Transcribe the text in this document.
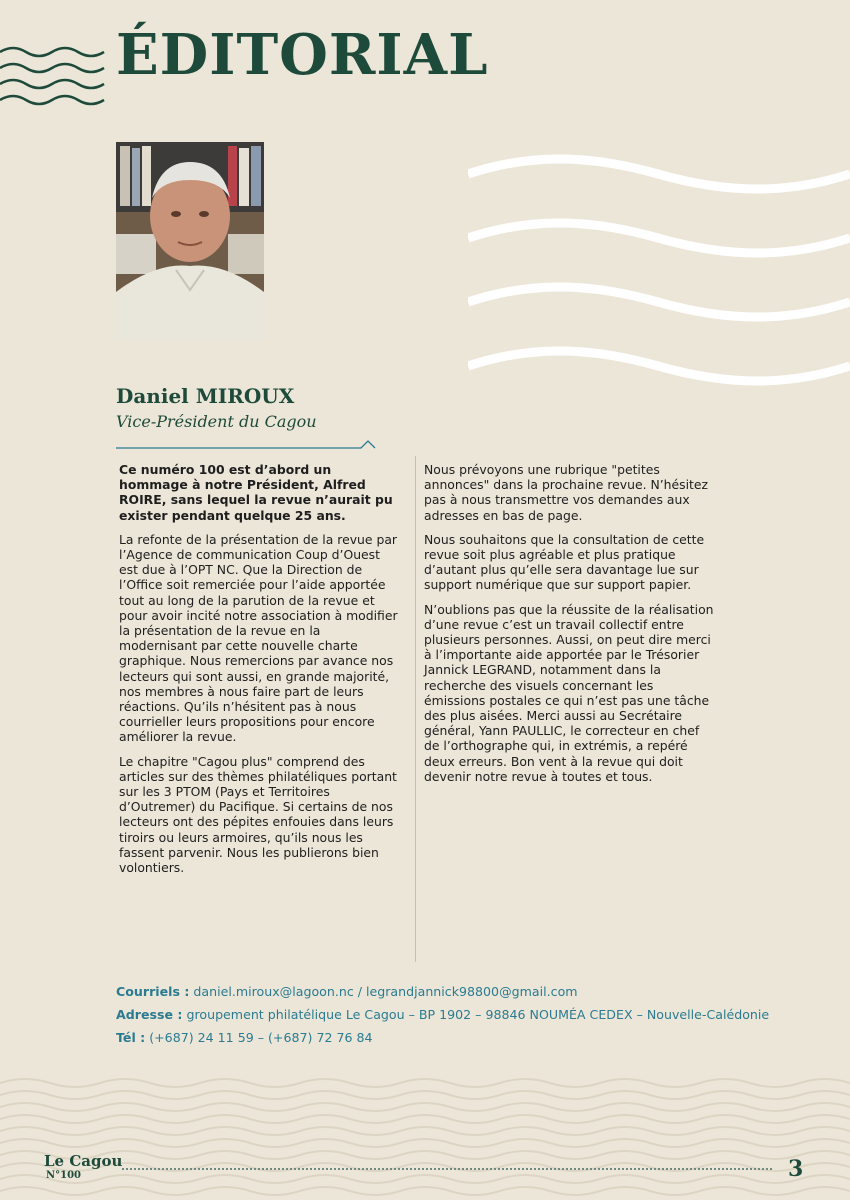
ÉDITORIAL
Daniel MIROUX
Vice-Président du Cagou

Ce numéro 100 est d’abord un hommage à notre Président, Alfred ROIRE, sans lequel la revue n’aurait pu exister pendant quelque 25 ans.

La refonte de la présentation de la revue par l’Agence de communication Coup d’Ouest est due à l’OPT NC. Que la Direction de l’Office soit remerciée pour l’aide apportée tout au long de la parution de la revue et pour avoir incité notre association à modifier la présentation de la revue en la modernisant par cette nouvelle charte graphique. Nous remercions par avance nos lecteurs qui sont aussi, en grande majorité, nos membres à nous faire part de leurs réactions. Qu’ils n’hésitent pas à nous courrieller leurs propositions pour encore améliorer la revue.

Le chapitre "Cagou plus" comprend des articles sur des thèmes philatéliques portant sur les 3 PTOM (Pays et Territoires d’Outremer) du Pacifique. Si certains de nos lecteurs ont des pépites enfouies dans leurs tiroirs ou leurs armoires, qu’ils nous les fassent parvenir. Nous les publierons bien volontiers.

Nous prévoyons une rubrique "petites annonces" dans la prochaine revue. N’hésitez pas à nous transmettre vos demandes aux adresses en bas de page.

Nous souhaitons que la consultation de cette revue soit plus agréable et plus pratique d’autant plus qu’elle sera davantage lue sur support numérique que sur support papier.

N’oublions pas que la réussite de la réalisation d’une revue c’est un travail collectif entre plusieurs personnes. Aussi, on peut dire merci à l’importante aide apportée par le Trésorier Jannick LEGRAND, notamment dans la recherche des visuels concernant les émissions postales ce qui n’est pas une tâche des plus aisées. Merci aussi au Secrétaire général, Yann PAULLIC, le correcteur en chef de l’orthographe qui, in extrémis, a repéré deux erreurs. Bon vent à la revue qui doit devenir notre revue à toutes et tous.

Courriels : daniel.miroux@lagoon.nc / legrandjannick98800@gmail.com
Adresse : groupement philatélique Le Cagou – BP 1902 – 98846 NOUMÉA CEDEX – Nouvelle-Calédonie
Tél : (+687) 24 11 59 – (+687) 72 76 84
Le Cagou
N°100	3
